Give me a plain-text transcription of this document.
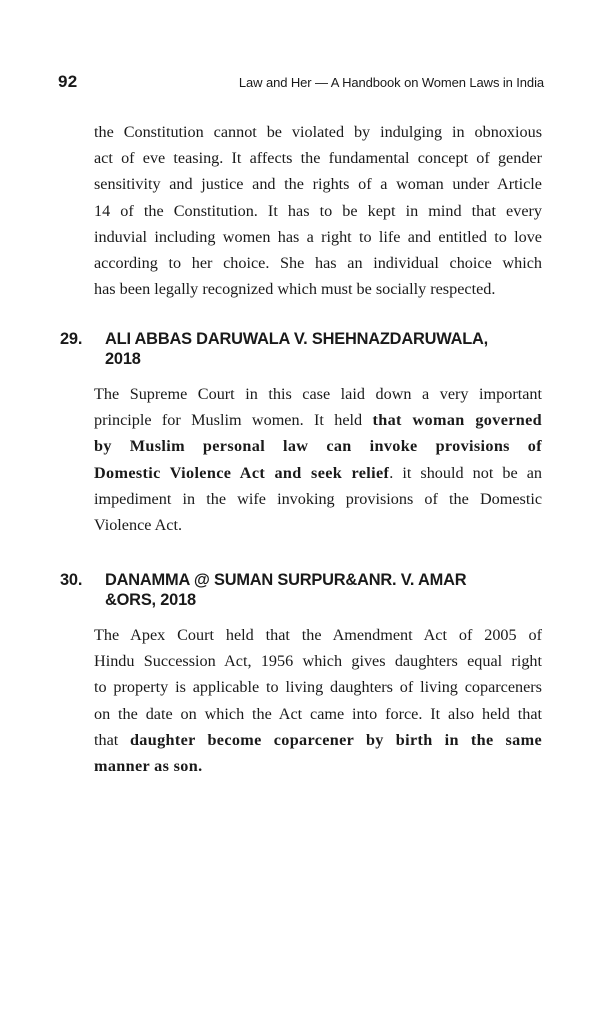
92	Law and Her — A Handbook on Women Laws in India

the Constitution cannot be violated by indulging in obnoxious
act of eve teasing. It affects the fundamental concept of gender
sensitivity and justice and the rights of a woman under Article
14 of the Constitution. It has to be kept in mind that every
induvial including women has a right to life and entitled to love
according to her choice. She has an individual choice which
has been legally recognized which must be socially respected.

29. ALI ABBAS DARUWALA V. SHEHNAZDARUWALA,
2018

The Supreme Court in this case laid down a very important
principle for Muslim women. It held that woman governed
by Muslim personal law can invoke provisions of
Domestic Violence Act and seek relief. it should not be an
impediment in the wife invoking provisions of the Domestic
Violence Act.

30. DANAMMA @ SUMAN SURPUR&ANR. V. AMAR
&ORS, 2018

The Apex Court held that the Amendment Act of 2005 of
Hindu Succession Act, 1956 which gives daughters equal right
to property is applicable to living daughters of living coparceners
on the date on which the Act came into force. It also held that
that daughter become coparcener by birth in the same
manner as son.
